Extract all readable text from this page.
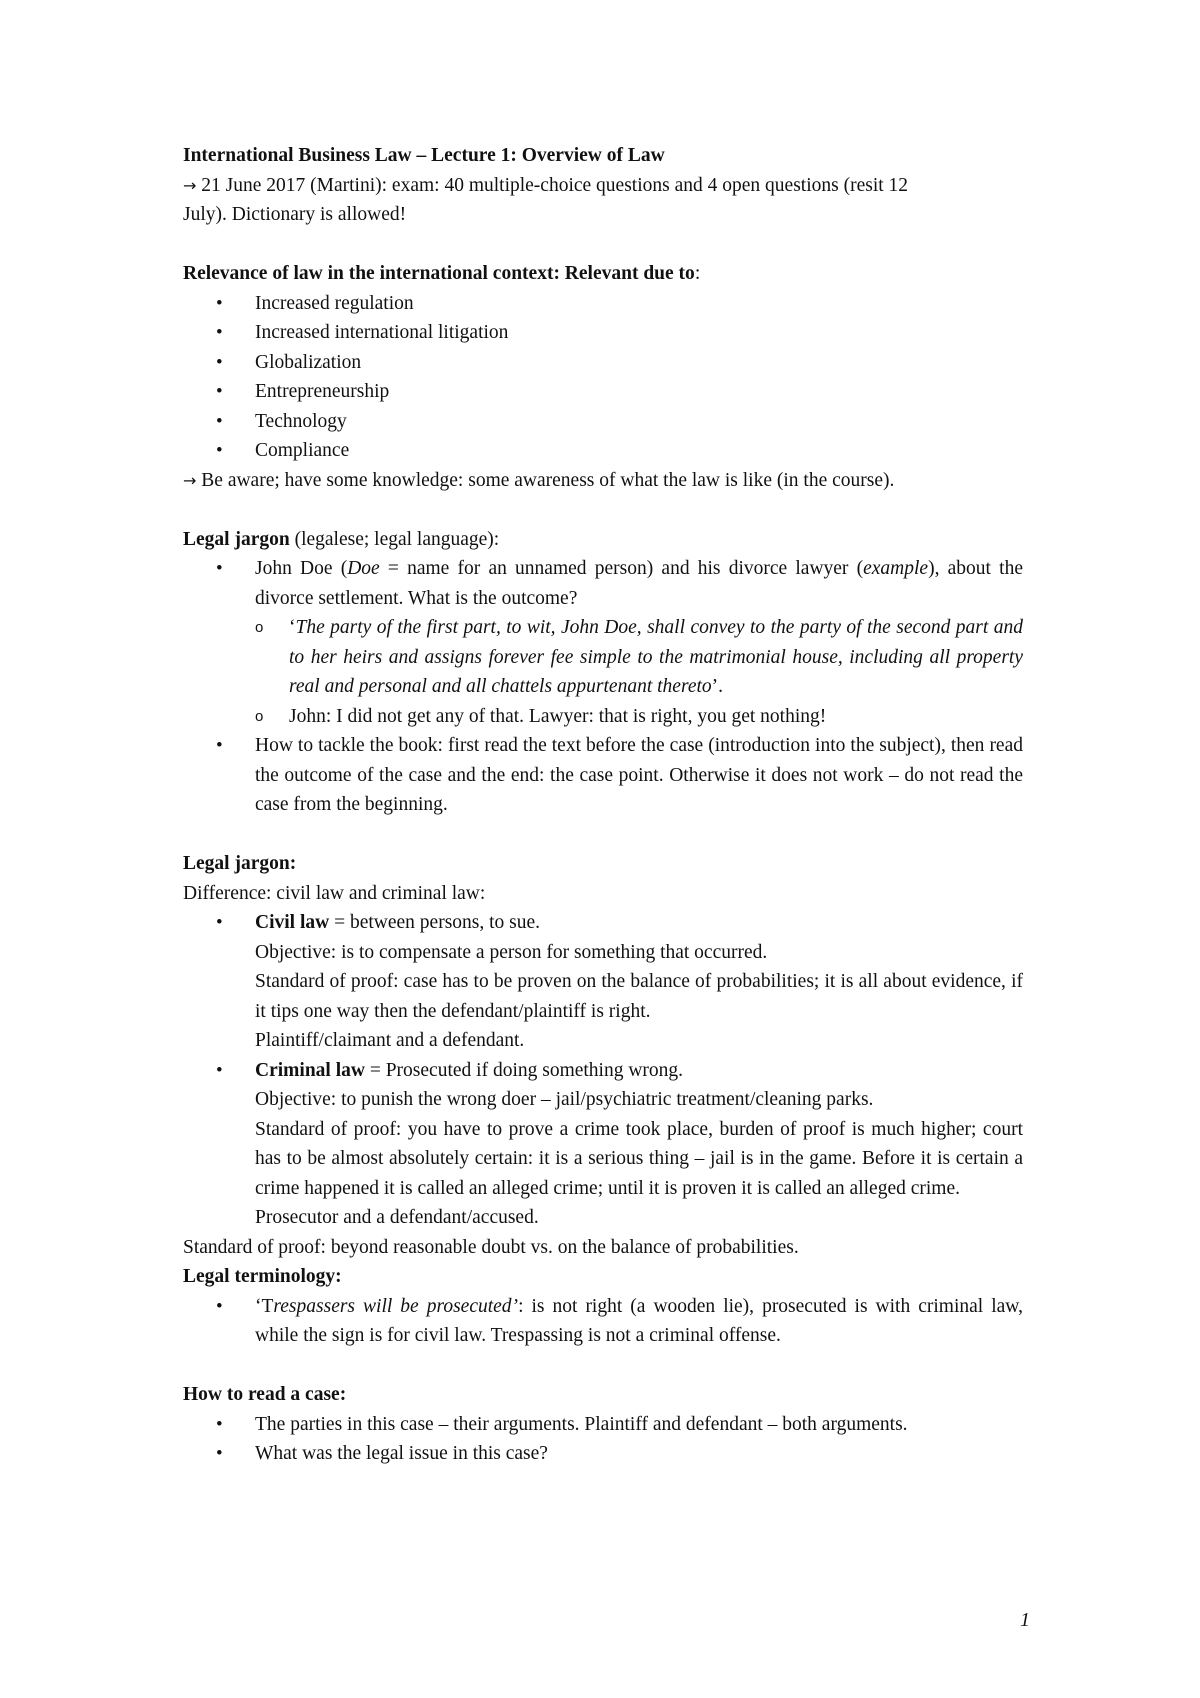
International Business Law – Lecture 1: Overview of Law

→ 21 June 2017 (Martini): exam: 40 multiple-choice questions and 4 open questions (resit 12
July). Dictionary is allowed!

Relevance of law in the international context: Relevant due to:

• Increased regulation
• Increased international litigation
• Globalization
• Entrepreneurship
• Technology
• Compliance

→ Be aware; have some knowledge: some awareness of what the law is like (in the course).

Legal jargon (legalese; legal language):

• John Doe (Doe = name for an unnamed person) and his divorce lawyer (example), about the divorce settlement. What is the outcome?
o ‘The party of the first part, to wit, John Doe, shall convey to the party of the second part and to her heirs and assigns forever fee simple to the matrimonial house, including all property real and personal and all chattels appurtenant thereto’.
o John: I did not get any of that. Lawyer: that is right, you get nothing!
• How to tackle the book: first read the text before the case (introduction into the subject), then read the outcome of the case and the end: the case point. Otherwise it does not work – do not read the case from the beginning.

Legal jargon:

Difference: civil law and criminal law:

• Civil law = between persons, to sue.
Objective: is to compensate a person for something that occurred.
Standard of proof: case has to be proven on the balance of probabilities; it is all about evidence, if it tips one way then the defendant/plaintiff is right.
Plaintiff/claimant and a defendant.
• Criminal law = Prosecuted if doing something wrong.
Objective: to punish the wrong doer – jail/psychiatric treatment/cleaning parks.
Standard of proof: you have to prove a crime took place, burden of proof is much higher; court has to be almost absolutely certain: it is a serious thing – jail is in the game. Before it is certain a crime happened it is called an alleged crime; until it is proven it is called an alleged crime.
Prosecutor and a defendant/accused.

Standard of proof: beyond reasonable doubt vs. on the balance of probabilities.

Legal terminology:

• ‘Trespassers will be prosecuted’: is not right (a wooden lie), prosecuted is with criminal law, while the sign is for civil law. Trespassing is not a criminal offense.

How to read a case:

• The parties in this case – their arguments. Plaintiff and defendant – both arguments.
• What was the legal issue in this case?
1
